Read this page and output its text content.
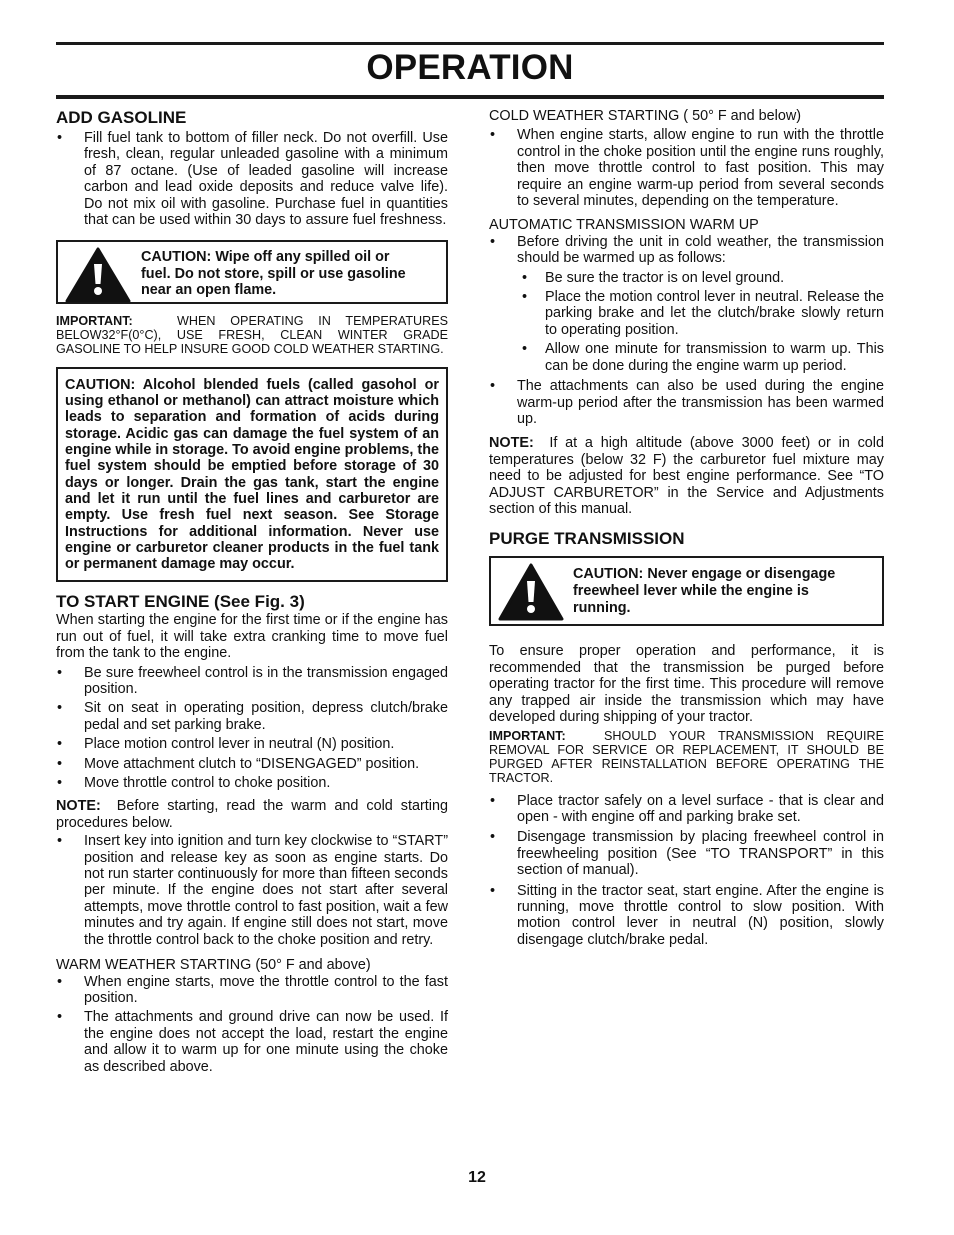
OPERATION
ADD GASOLINE
• Fill fuel tank to bottom of filler neck. Do not overfill. Use fresh, clean, regular unleaded gasoline with a minimum of 87 octane. (Use of leaded gasoline will increase carbon and lead oxide deposits and reduce valve life). Do not mix oil with gasoline. Purchase fuel in quantities that can be used within 30 days to assure fuel freshness.
CAUTION: Wipe off any spilled oil or fuel. Do not store, spill or use gasoline near an open flame.
IMPORTANT:	WHEN OPERATING IN TEMPERATURES BELOW32°F(0°C), USE FRESH, CLEAN WINTER GRADE GASOLINE TO HELP INSURE GOOD COLD WEATHER STARTING.
CAUTION: Alcohol blended fuels (called gasohol or using ethanol or methanol) can attract moisture which leads to separation and formation of acids during storage. Acidic gas can damage the fuel system of an engine while in storage. To avoid engine problems, the fuel system should be emptied before storage of 30 days or longer. Drain the gas tank, start the engine and let it run until the fuel lines and carburetor are empty. Use fresh fuel next season. See Storage Instructions for additional information. Never use engine or carburetor cleaner products in the fuel tank or permanent damage may occur.
TO START ENGINE (See Fig. 3)

When starting the engine for the first time or if the engine has run out of fuel, it will take extra cranking time to move fuel from the tank to the engine.

• Be sure freewheel control is in the transmission engaged position.
• Sit on seat in operating position, depress clutch/brake pedal and set parking brake.
• Place motion control lever in neutral (N) position.
• Move attachment clutch to “DISENGAGED” position.
• Move throttle control to choke position.

NOTE: Before starting, read the warm and cold starting procedures below.

• Insert key into ignition and turn key clockwise to “START” position and release key as soon as engine starts. Do not run starter continuously for more than fifteen seconds per minute. If the engine does not start after several attempts, move throttle control to fast position, wait a few minutes and try again. If engine still does not start, move the throttle control back to the choke position and retry.

WARM WEATHER STARTING (50° F and above)

• When engine starts, move the throttle control to the fast position.
• The attachments and ground drive can now be used. If the engine does not accept the load, restart the engine and allow it to warm up for one minute using the choke as described above.

COLD WEATHER STARTING ( 50° F and below)

• When engine starts, allow engine to run with the throttle control in the choke position until the engine runs roughly, then move throttle control to fast position. This may require an engine warm-up period from several seconds to several minutes, depending on the temperature.

AUTOMATIC TRANSMISSION WARM UP

• Before driving the unit in cold weather, the transmission should be warmed up as follows:
• Be sure the tractor is on level ground.
• Place the motion control lever in neutral. Release the parking brake and let the clutch/brake slowly return to operating position.
• Allow one minute for transmission to warm up. This can be done during the engine warm up period.
• The attachments can also be used during the engine warm-up period after the transmission has been warmed up.

NOTE: If at a high altitude (above 3000 feet) or in cold temperatures (below 32 F) the carburetor fuel mixture may need to be adjusted for best engine performance. See “TO ADJUST CARBURETOR” in the Service and Adjustments section of this manual.

PURGE TRANSMISSION
CAUTION: Never engage or disengage freewheel lever while the engine is running.

To ensure proper operation and performance, it is recommended that the transmission be purged before operating tractor for the first time. This procedure will remove any trapped air inside the transmission which may have developed during shipping of your tractor.

IMPORTANT:	SHOULD YOUR TRANSMISSION REQUIRE REMOVAL FOR SERVICE OR REPLACEMENT, IT SHOULD BE PURGED AFTER REINSTALLATION BEFORE OPERATING THE TRACTOR.
• Place tractor safely on a level surface - that is clear and open - with engine off and parking brake set.
• Disengage transmission by placing freewheel control in freewheeling position (See “TO TRANSPORT” in this section of manual).
• Sitting in the tractor seat, start engine. After the engine is running, move throttle control to slow position. With motion control lever in neutral (N) position, slowly disengage clutch/brake pedal.
12
